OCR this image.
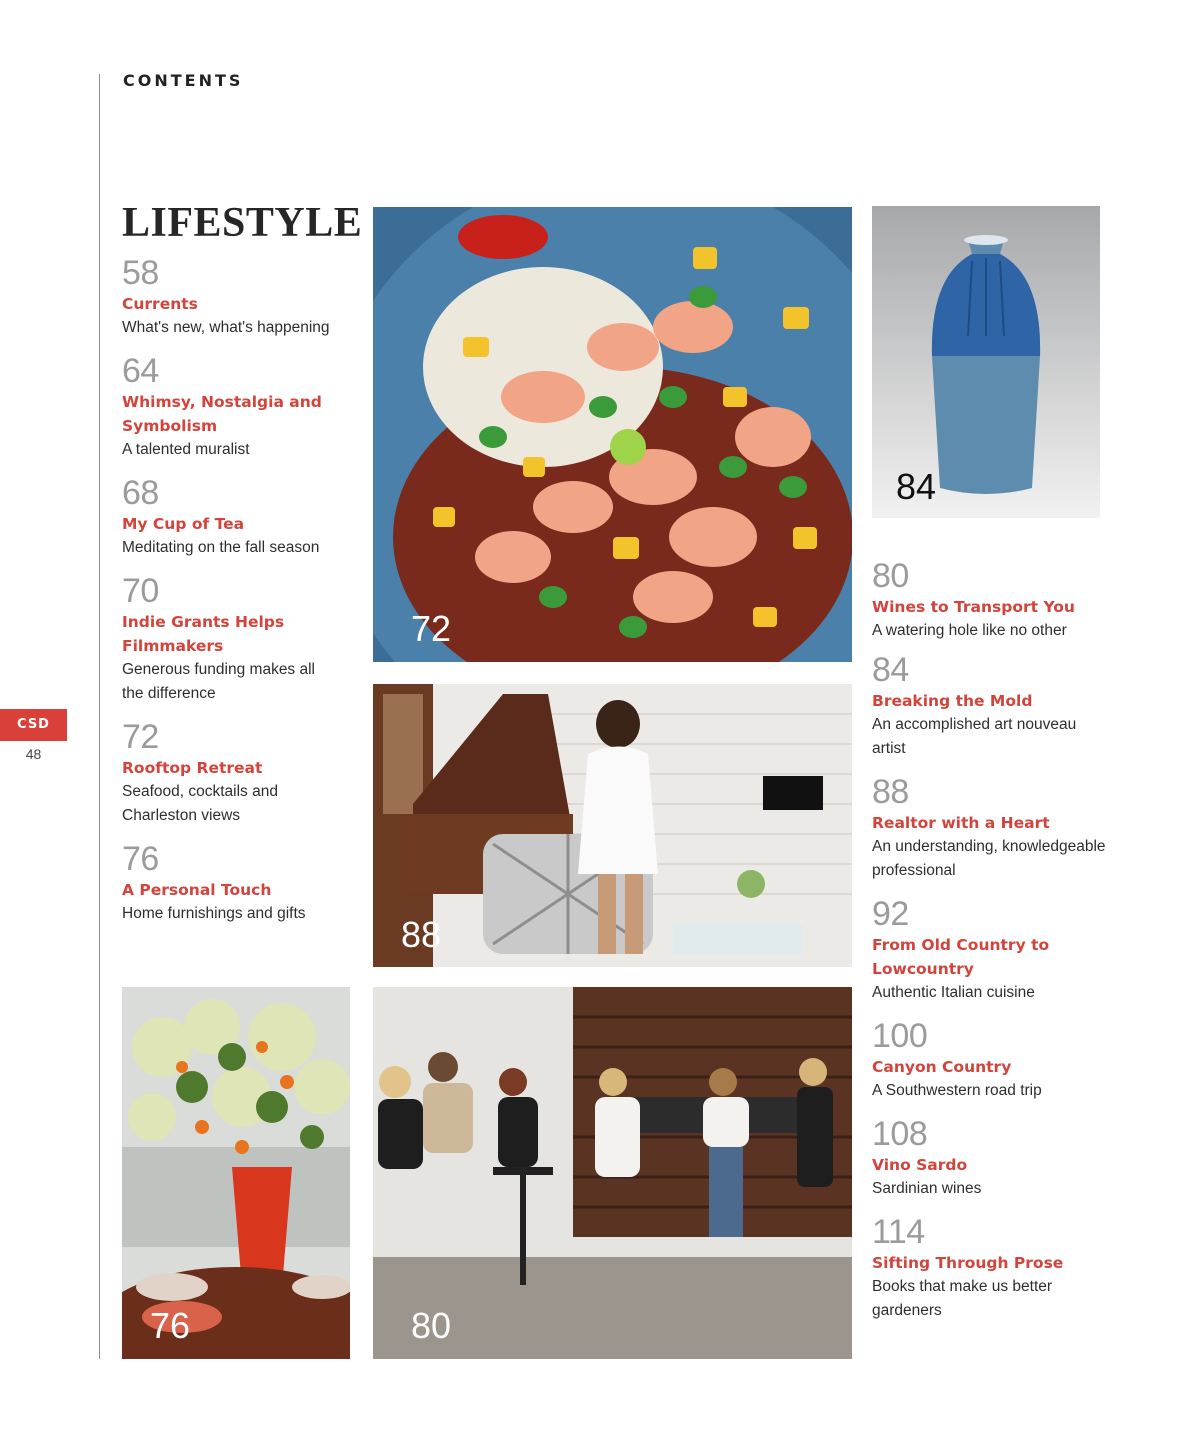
CONTENTS
LIFESTYLE
58
Currents
What's new, what's happening
64
Whimsy, Nostalgia and Symbolism
A talented muralist
68
My Cup of Tea
Meditating on the fall season
70
Indie Grants Helps Filmmakers
Generous funding makes all the difference
72
Rooftop Retreat
Seafood, cocktails and Charleston views
76
A Personal Touch
Home furnishings and gifts
80
Wines to Transport You
A watering hole like no other
84
Breaking the Mold
An accomplished art nouveau artist
88
Realtor with a Heart
An understanding, knowledgeable professional
92
From Old Country to Lowcountry
Authentic Italian cuisine
100
Canyon Country
A Southwestern road trip
108
Vino Sardo
Sardinian wines
114
Sifting Through Prose
Books that make us better gardeners
CSD
48
72
84
88
76	80
